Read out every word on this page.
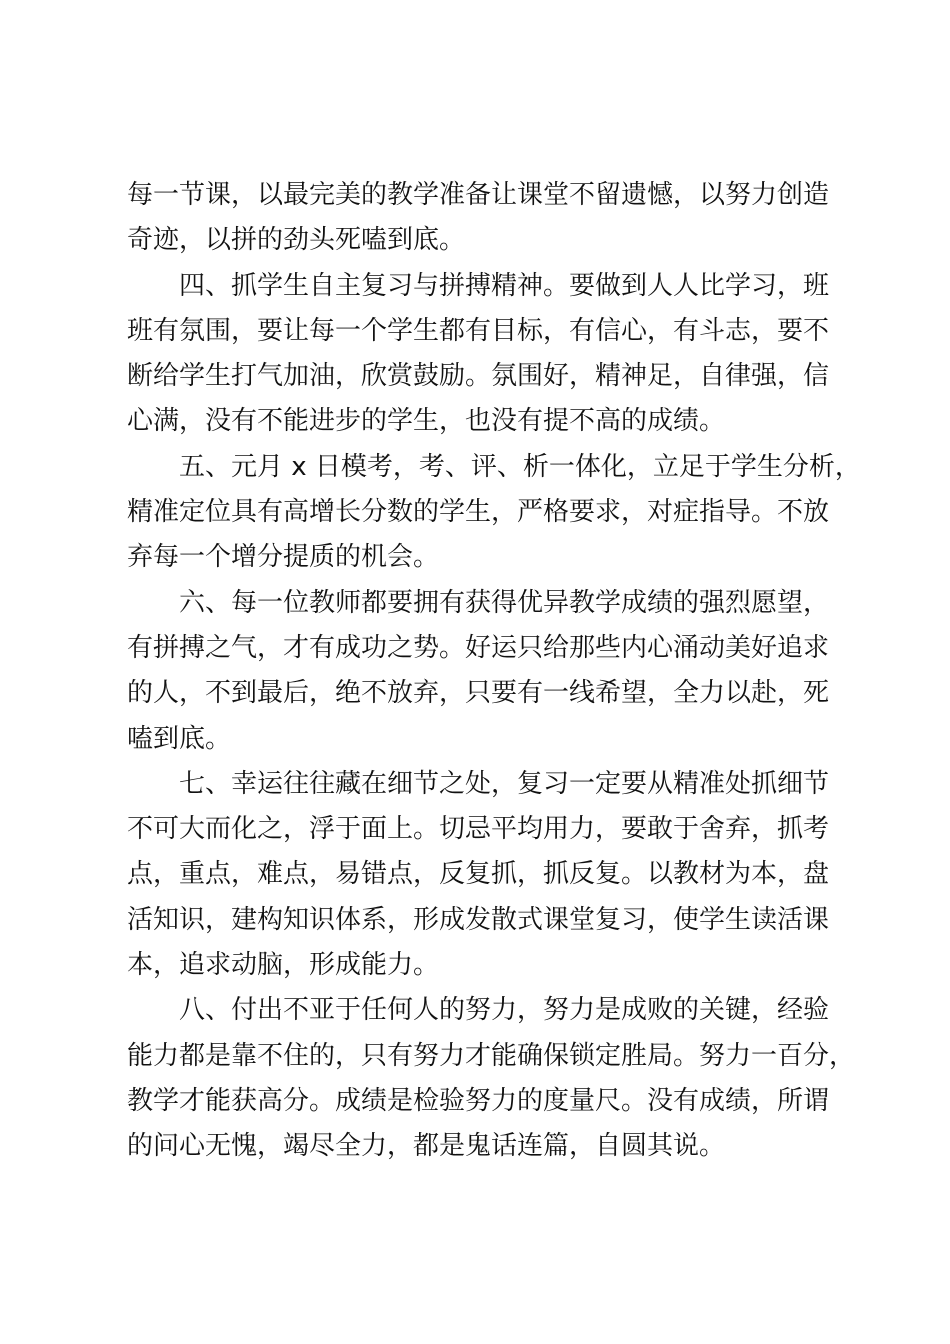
每一节课，以最完美的教学准备让课堂不留遗憾，以努力创造
奇迹，以拼的劲头死嗑到底。
四、抓学生自主复习与拼搏精神。要做到人人比学习，班
班有氛围，要让每一个学生都有目标，有信心，有斗志，要不
断给学生打气加油，欣赏鼓励。氛围好，精神足，自律强，信
心满，没有不能进步的学生，也没有提不高的成绩。
五、元月 x 日模考，考、评、析一体化，立足于学生分析，
精准定位具有高增长分数的学生，严格要求，对症指导。不放
弃每一个增分提质的机会。
六、每一位教师都要拥有获得优异教学成绩的强烈愿望，
有拼搏之气，才有成功之势。好运只给那些内心涌动美好追求
的人，不到最后，绝不放弃，只要有一线希望，全力以赴，死
嗑到底。
七、幸运往往藏在细节之处，复习一定要从精准处抓细节
不可大而化之，浮于面上。切忌平均用力，要敢于舍弃，抓考
点，重点，难点，易错点，反复抓，抓反复。以教材为本，盘
活知识，建构知识体系，形成发散式课堂复习，使学生读活课
本，追求动脑，形成能力。
八、付出不亚于任何人的努力，努力是成败的关键，经验
能力都是靠不住的，只有努力才能确保锁定胜局。努力一百分，
教学才能获高分。成绩是检验努力的度量尺。没有成绩，所谓
的问心无愧，竭尽全力，都是鬼话连篇，自圆其说。
